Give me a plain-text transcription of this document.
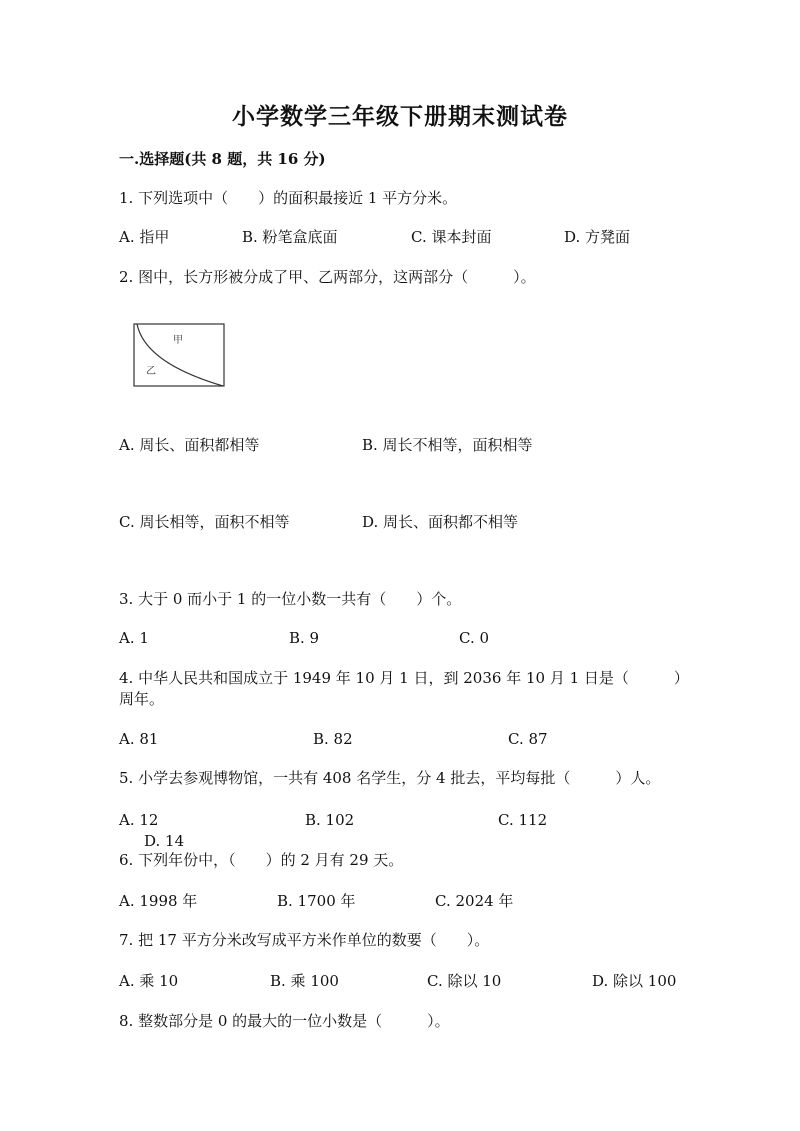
小学数学三年级下册期末测试卷
一.选择题(共 8 题，共 16 分)
1. 下列选项中（　　）的面积最接近 1 平方分米。
A. 指甲	B. 粉笔盒底面	C. 课本封面	D. 方凳面
2. 图中，长方形被分成了甲、乙两部分，这两部分（　　　）。
甲
乙
A. 周长、面积都相等	B. 周长不相等，面积相等
C. 周长相等，面积不相等	D. 周长、面积都不相等
3. 大于 0 而小于 1 的一位小数一共有（　　）个。
A. 1	B. 9	C. 0
4. 中华人民共和国成立于 1949 年 10 月 1 日，到 2036 年 10 月 1 日是（　　　）
周年。
A. 81	B. 82	C. 87
5. 小学去参观博物馆，一共有 408 名学生，分 4 批去，平均每批（　　　）人。
A. 12	B. 102	C. 112
D. 14
6. 下列年份中，（　　）的 2 月有 29 天。
A. 1998 年	B. 1700 年	C. 2024 年
7. 把 17 平方分米改写成平方米作单位的数要（　　）。
A. 乘 10	B. 乘 100	C. 除以 10	D. 除以 100
8. 整数部分是 0 的最大的一位小数是（　　　）。
